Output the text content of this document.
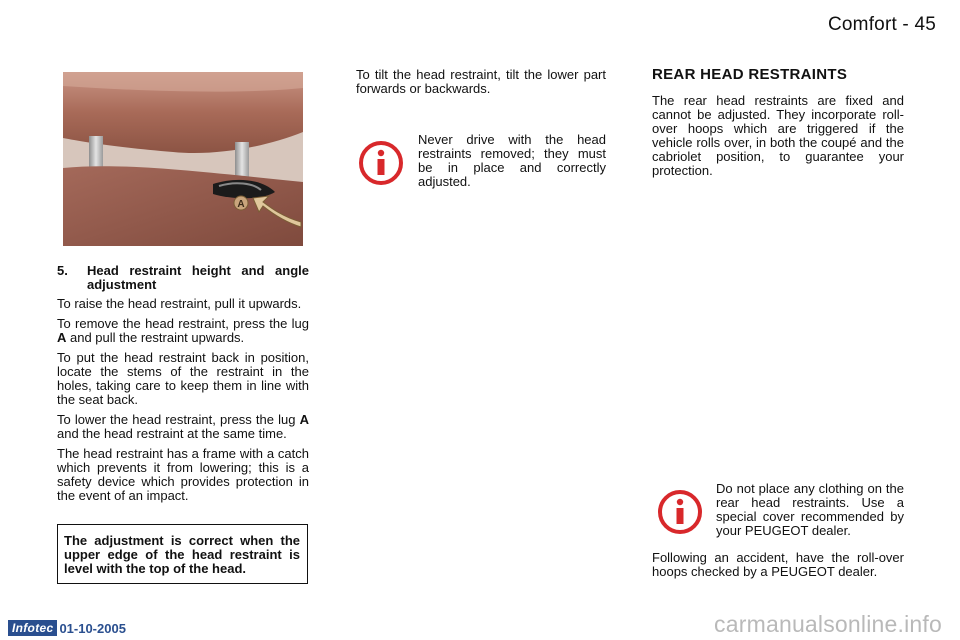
Comfort - 45
A
5.	Head restraint height and angle adjustment

To raise the head restraint, pull it upwards.

To remove the head restraint, press the lug A and pull the restraint upwards.

To put the head restraint back in position, locate the stems of the restraint in the holes, taking care to keep them in line with the seat back.

To lower the head restraint, press the lug A and the head restraint at the same time.

The head restraint has a frame with a catch which prevents it from lowering; this is a safety device which provides protection in the event of an impact.

The adjustment is correct when the upper edge of the head restraint is level with the top of the head.

To tilt the head restraint, tilt the lower part forwards or backwards.

Never drive with the head restraints removed; they must be in place and correctly adjusted.
REAR HEAD RESTRAINTS

The rear head restraints are fixed and cannot be adjusted. They incorporate roll-over hoops which are triggered if the vehicle rolls over, in both the coupé and the cabriolet position, to guarantee your protection.

Do not place any clothing on the rear head restraints. Use a special cover recommended by your PEUGEOT dealer.
Following an accident, have the roll-over hoops checked by a PEUGEOT dealer.
Infotec 01-10-2005	carmanualsonline.info
